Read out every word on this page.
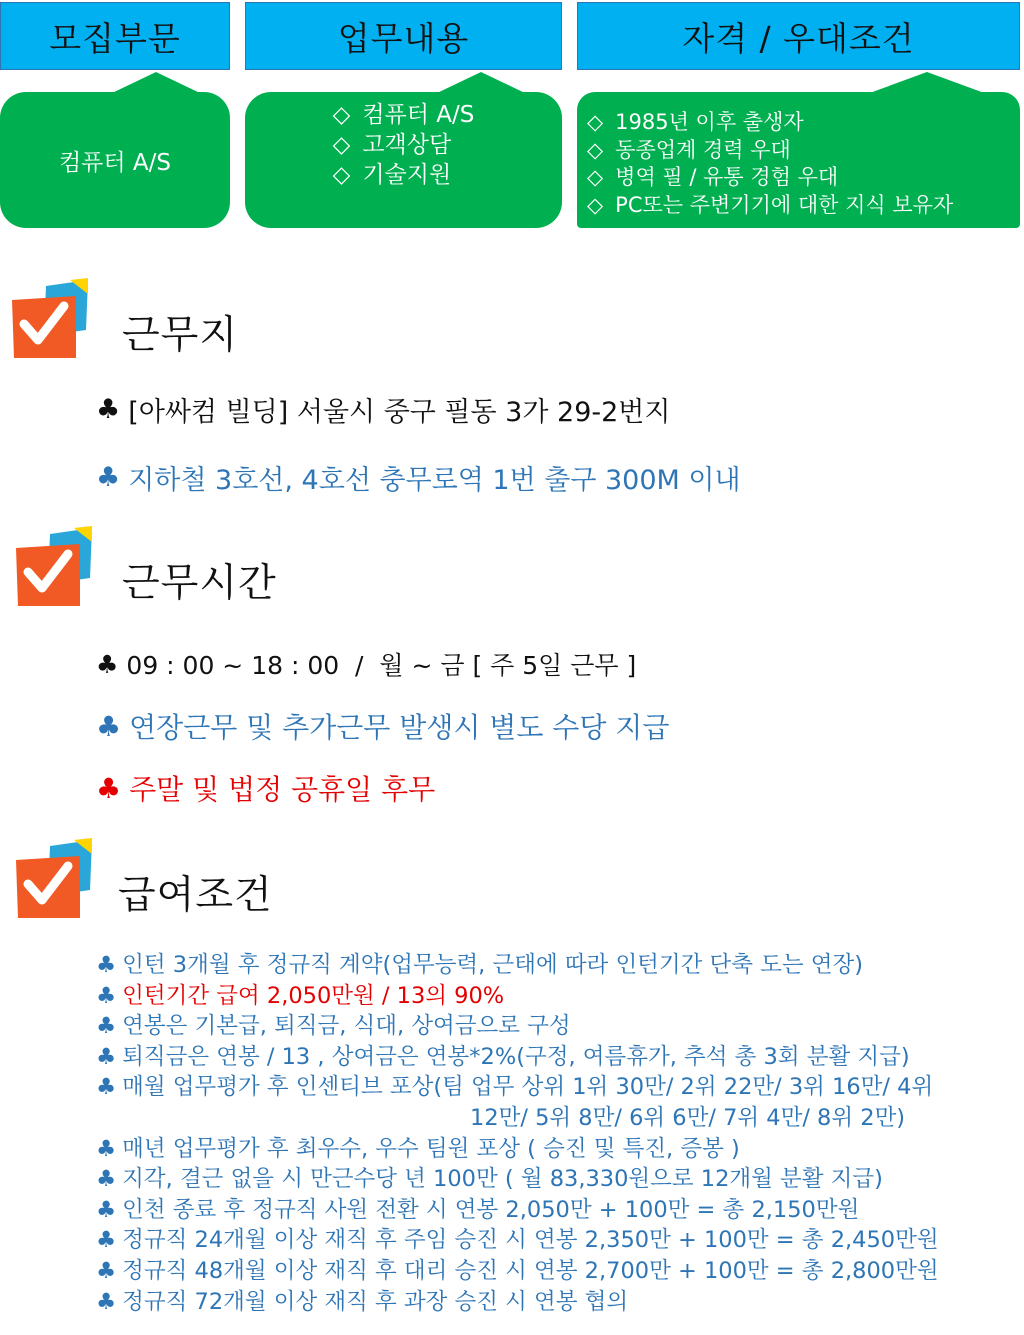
모집부문	업무내용	자격 / 우대조건
컴퓨터 A/S
◇ 컴퓨터 A/S
◇ 고객상담
◇ 기술지원
◇ 1985년 이후 출생자
◇ 동종업계 경력 우대
◇ 병역 필 / 유통 경험 우대
◇ PC또는 주변기기에 대한 지식 보유자
근무지
♣ [아싸컴 빌딩] 서울시 중구 필동 3가 29-2번지
♣ 지하철 3호선, 4호선 충무로역 1번 출구 300M 이내
근무시간
♣ 09 : 00 ~ 18 : 00  /  월 ~ 금 [ 주 5일 근무 ]
♣ 연장근무 및 추가근무 발생시 별도 수당 지급
♣ 주말 및 법정 공휴일 후무
급여조건
♣ 인턴 3개월 후 정규직 계약(업무능력, 근태에 따라 인턴기간 단축 도는 연장)
♣ 인턴기간 급여 2,050만원 / 13의 90%
♣ 연봉은 기본급, 퇴직금, 식대, 상여금으로 구성
♣ 퇴직금은 연봉 / 13 , 상여금은 연봉*2%(구정, 여름휴가, 추석 총 3회 분활 지급)
♣ 매월 업무평가 후 인센티브 포상(팀 업무 상위 1위 30만/ 2위 22만/ 3위 16만/ 4위
12만/ 5위 8만/ 6위 6만/ 7위 4만/ 8위 2만)
♣ 매년 업무평가 후 최우수, 우수 팀원 포상 ( 승진 및 특진, 증봉 )
♣ 지각, 결근 없을 시 만근수당 년 100만 ( 월 83,330원으로 12개월 분활 지급)
♣ 인천 종료 후 정규직 사원 전환 시 연봉 2,050만 + 100만 = 총 2,150만원
♣ 정규직 24개월 이상 재직 후 주임 승진 시 연봉 2,350만 + 100만 = 총 2,450만원
♣ 정규직 48개월 이상 재직 후 대리 승진 시 연봉 2,700만 + 100만 = 총 2,800만원
♣ 정규직 72개월 이상 재직 후 과장 승진 시 연봉 협의
